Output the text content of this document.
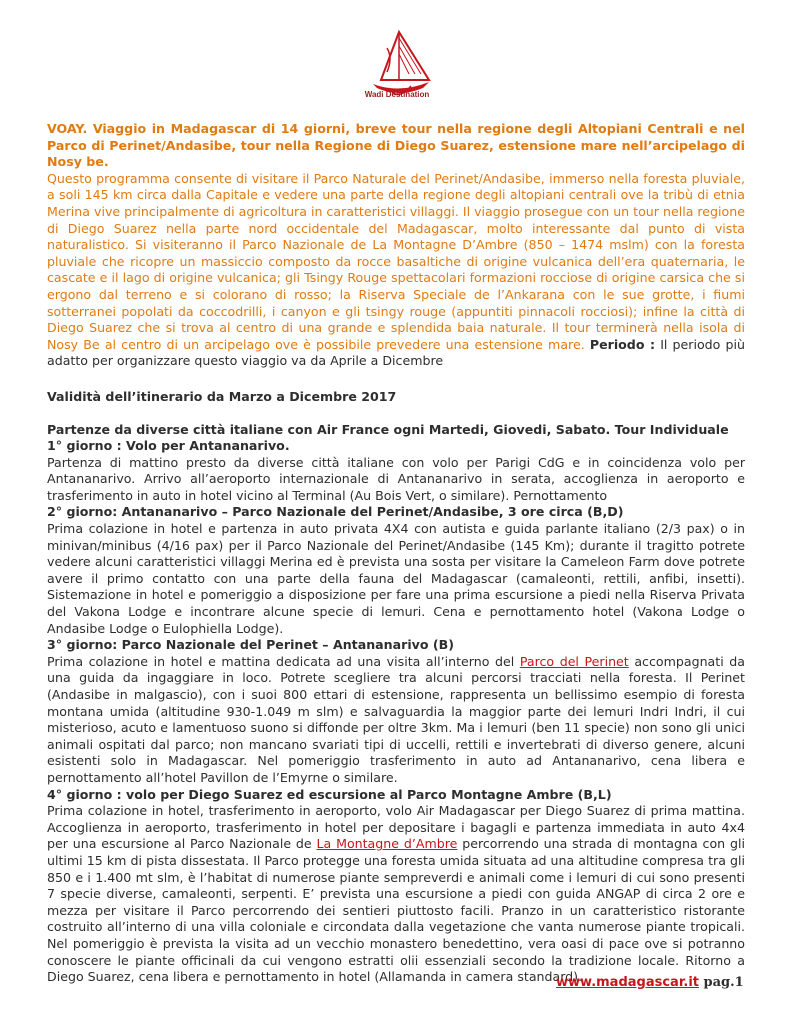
Wadi Destination

VOAY. Viaggio in Madagascar di 14 giorni, breve tour nella regione degli Altopiani Centrali e nel Parco di Perinet/Andasibe, tour nella Regione di Diego Suarez, estensione mare nell’arcipelago di Nosy be.

Questo programma consente di visitare il Parco Naturale del Perinet/Andasibe, immerso nella foresta pluviale, a soli 145 km circa dalla Capitale e vedere una parte della regione degli altopiani centrali ove la tribù di etnia Merina vive principalmente di agricoltura in caratteristici villaggi. Il viaggio prosegue con un tour nella regione di Diego Suarez nella parte nord occidentale del Madagascar, molto interessante dal punto di vista naturalistico. Si visiteranno il Parco Nazionale de La Montagne D’Ambre (850 – 1474 mslm) con la foresta pluviale che ricopre un massiccio composto da rocce basaltiche di origine vulcanica dell’era quaternaria, le cascate e il lago di origine vulcanica; gli Tsingy Rouge spettacolari formazioni rocciose di origine carsica che si ergono dal terreno e si colorano di rosso; la Riserva Speciale de l’Ankarana con le sue grotte, i fiumi sotterranei popolati da coccodrilli, i canyon e gli tsingy rouge (appuntiti pinnacoli rocciosi); infine la città di Diego Suarez che si trova al centro di una grande e splendida baia naturale. Il tour terminerà nella isola di Nosy Be al centro di un arcipelago ove è possibile prevedere una estensione mare. Periodo : Il periodo più adatto per organizzare questo viaggio va da Aprile a Dicembre

Validità dell’itinerario da Marzo a Dicembre 2017

Partenze da diverse città italiane con Air France ogni Martedi, Giovedi, Sabato. Tour Individuale

1° giorno : Volo per Antananarivo.

Partenza di mattino presto da diverse città italiane con volo per Parigi CdG e in coincidenza volo per Antananarivo. Arrivo all’aeroporto internazionale di Antananarivo in serata, accoglienza in aeroporto e trasferimento in auto in hotel vicino al Terminal (Au Bois Vert, o similare). Pernottamento

2° giorno: Antananarivo – Parco Nazionale del Perinet/Andasibe, 3 ore circa (B,D)

Prima colazione in hotel e partenza in auto privata 4X4 con autista e guida parlante italiano (2/3 pax) o in minivan/minibus (4/16 pax) per il Parco Nazionale del Perinet/Andasibe (145 Km); durante il tragitto potrete vedere alcuni caratteristici villaggi Merina ed è prevista una sosta per visitare la Cameleon Farm dove potrete avere il primo contatto con una parte della fauna del Madagascar (camaleonti, rettili, anfibi, insetti). Sistemazione in hotel e pomeriggio a disposizione per fare una prima escursione a piedi nella Riserva Privata del Vakona Lodge e incontrare alcune specie di lemuri. Cena e pernottamento hotel (Vakona Lodge o Andasibe Lodge o Eulophiella Lodge).

3° giorno: Parco Nazionale del Perinet – Antananarivo (B)

Prima colazione in hotel e mattina dedicata ad una visita all’interno del Parco del Perinet accompagnati da una guida da ingaggiare in loco. Potrete scegliere tra alcuni percorsi tracciati nella foresta. Il Perinet (Andasibe in malgascio), con i suoi 800 ettari di estensione, rappresenta un bellissimo esempio di foresta montana umida (altitudine 930-1.049 m slm) e salvaguardia la maggior parte dei lemuri Indri Indri, il cui misterioso, acuto e lamentuoso suono si diffonde per oltre 3km. Ma i lemuri (ben 11 specie) non sono gli unici animali ospitati dal parco; non mancano svariati tipi di uccelli, rettili e invertebrati di diverso genere, alcuni esistenti solo in Madagascar. Nel pomeriggio trasferimento in auto ad Antananarivo, cena libera e pernottamento all’hotel Pavillon de l’Emyrne o similare.

4° giorno : volo per Diego Suarez ed escursione al Parco Montagne Ambre (B,L)

Prima colazione in hotel, trasferimento in aeroporto, volo Air Madagascar per Diego Suarez di prima mattina. Accoglienza in aeroporto, trasferimento in hotel per depositare i bagagli e partenza immediata in auto 4x4 per una escursione al Parco Nazionale de La Montagne d’Ambre percorrendo una strada di montagna con gli ultimi 15 km di pista dissestata. Il Parco protegge una foresta umida situata ad una altitudine compresa tra gli 850 e i 1.400 mt slm, è l’habitat di numerose piante sempreverdi e animali come i lemuri di cui sono presenti 7 specie diverse, camaleonti, serpenti. E’ prevista una escursione a piedi con guida ANGAP di circa 2 ore e mezza per visitare il Parco percorrendo dei sentieri piuttosto facili. Pranzo in un caratteristico ristorante costruito all’interno di una villa coloniale e circondata dalla vegetazione che vanta numerose piante tropicali. Nel pomeriggio è prevista la visita ad un vecchio monastero benedettino, vera oasi di pace ove si potranno conoscere le piante officinali da cui vengono estratti olii essenziali secondo la tradizione locale. Ritorno a Diego Suarez, cena libera e pernottamento in hotel (Allamanda in camera standard).

www.madagascar.it pag.1
